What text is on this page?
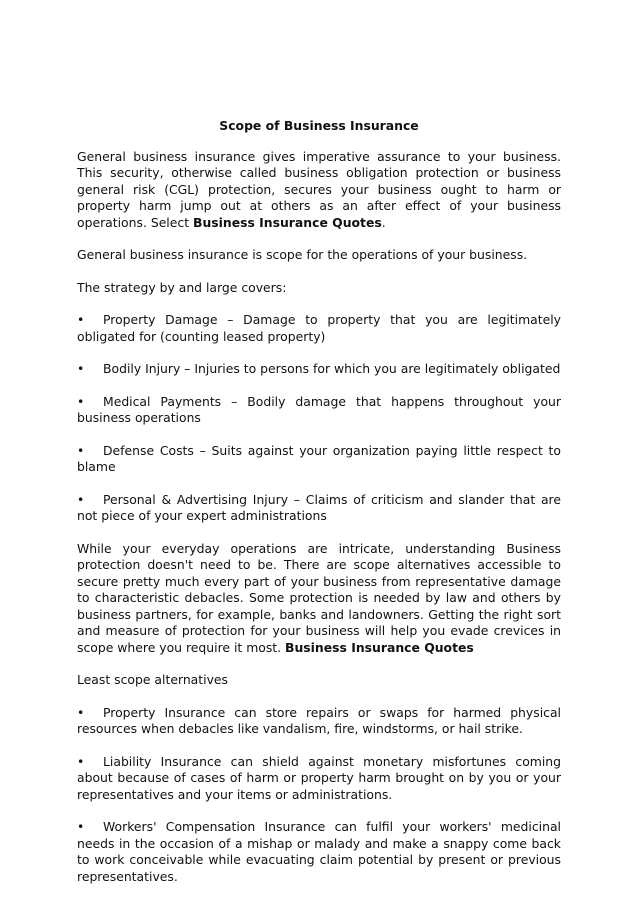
Scope of Business Insurance

General business insurance gives imperative assurance to your business. This security, otherwise called business obligation protection or business general risk (CGL) protection, secures your business ought to harm or property harm jump out at others as an after effect of your business operations. Select Business Insurance Quotes.

General business insurance is scope for the operations of your business.

The strategy by and large covers:

• Property Damage – Damage to property that you are legitimately obligated for (counting leased property)

• Bodily Injury – Injuries to persons for which you are legitimately obligated

• Medical Payments – Bodily damage that happens throughout your business operations

• Defense Costs – Suits against your organization paying little respect to blame

• Personal & Advertising Injury – Claims of criticism and slander that are not piece of your expert administrations

While your everyday operations are intricate, understanding Business protection doesn't need to be. There are scope alternatives accessible to secure pretty much every part of your business from representative damage to characteristic debacles. Some protection is needed by law and others by business partners, for example, banks and landowners. Getting the right sort and measure of protection for your business will help you evade crevices in scope where you require it most. Business Insurance Quotes

Least scope alternatives

• Property Insurance can store repairs or swaps for harmed physical resources when debacles like vandalism, fire, windstorms, or hail strike.

• Liability Insurance can shield against monetary misfortunes coming about because of cases of harm or property harm brought on by you or your representatives and your items or administrations.

• Workers' Compensation Insurance can fulfil your workers' medicinal needs in the occasion of a mishap or malady and make a snappy come back to work conceivable while evacuating claim potential by present or previous representatives.
